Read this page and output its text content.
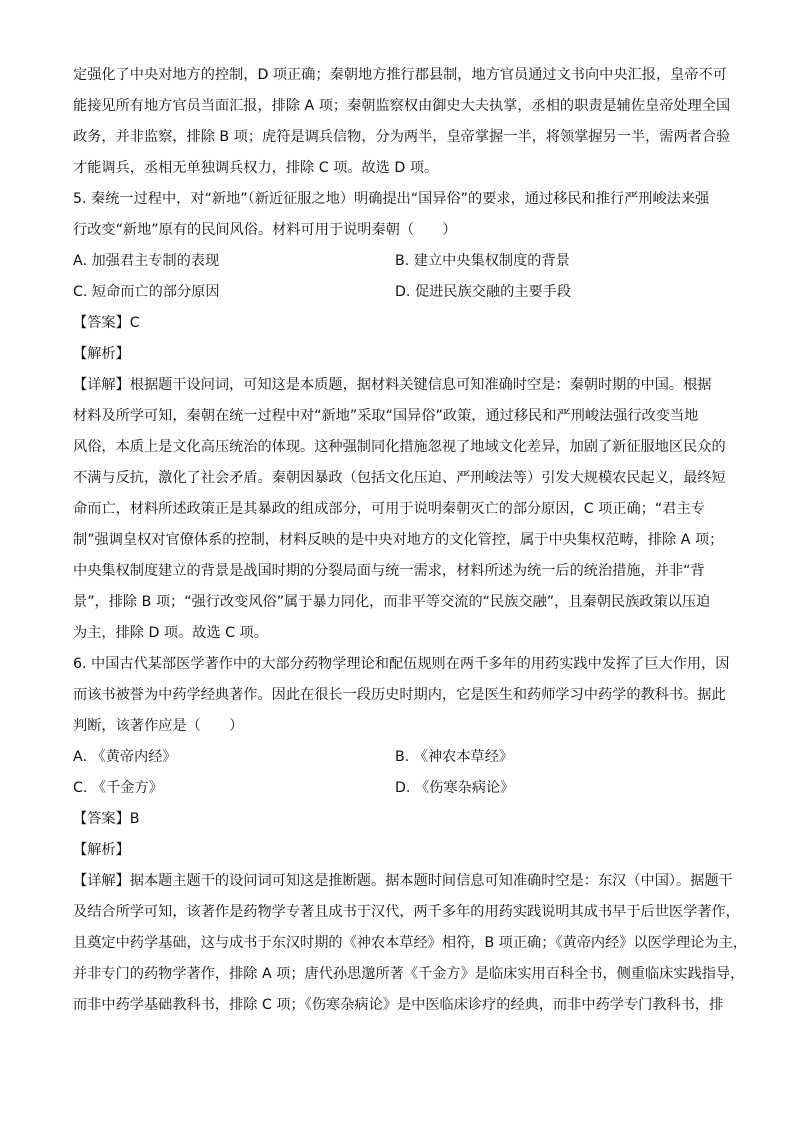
定强化了中央对地方的控制，D 项正确；秦朝地方推行郡县制，地方官员通过文书向中央汇报，皇帝不可
能接见所有地方官员当面汇报，排除 A 项；秦朝监察权由御史大夫执掌，丞相的职责是辅佐皇帝处理全国
政务，并非监察，排除 B 项；虎符是调兵信物，分为两半，皇帝掌握一半，将领掌握另一半，需两者合验
才能调兵，丞相无单独调兵权力，排除 C 项。故选 D 项。
5. 秦统一过程中，对“新地”（新近征服之地）明确提出“国异俗”的要求，通过移民和推行严刑峻法来强
行改变“新地”原有的民间风俗。材料可用于说明秦朝（　　）
A. 加强君主专制的表现	B. 建立中央集权制度的背景
C. 短命而亡的部分原因	D. 促进民族交融的主要手段
【答案】C
【解析】
【详解】根据题干设问词，可知这是本质题，据材料关键信息可知准确时空是：秦朝时期的中国。根据
材料及所学可知，秦朝在统一过程中对“新地”采取“国异俗”政策，通过移民和严刑峻法强行改变当地
风俗，本质上是文化高压统治的体现。这种强制同化措施忽视了地域文化差异，加剧了新征服地区民众的
不满与反抗，激化了社会矛盾。秦朝因暴政（包括文化压迫、严刑峻法等）引发大规模农民起义，最终短
命而亡，材料所述政策正是其暴政的组成部分，可用于说明秦朝灭亡的部分原因，C 项正确；“君主专
制”强调皇权对官僚体系的控制，材料反映的是中央对地方的文化管控，属于中央集权范畴，排除 A 项；
中央集权制度建立的背景是战国时期的分裂局面与统一需求，材料所述为统一后的统治措施，并非“背
景”，排除 B 项；“强行改变风俗”属于暴力同化，而非平等交流的“民族交融”，且秦朝民族政策以压迫
为主，排除 D 项。故选 C 项。
6. 中国古代某部医学著作中的大部分药物学理论和配伍规则在两千多年的用药实践中发挥了巨大作用，因
而该书被誉为中药学经典著作。因此在很长一段历史时期内，它是医生和药师学习中药学的教科书。据此
判断，该著作应是（　　）
A. 《黄帝内经》	B. 《神农本草经》
C. 《千金方》	D. 《伤寒杂病论》
【答案】B
【解析】
【详解】据本题主题干的设问词可知这是推断题。据本题时间信息可知准确时空是：东汉（中国）。据题干
及结合所学可知，该著作是药物学专著且成书于汉代，两千多年的用药实践说明其成书早于后世医学著作，
且奠定中药学基础，这与成书于东汉时期的《神农本草经》相符，B 项正确；《黄帝内经》以医学理论为主，
并非专门的药物学著作，排除 A 项；唐代孙思邈所著《千金方》是临床实用百科全书，侧重临床实践指导，
而非中药学基础教科书，排除 C 项；《伤寒杂病论》是中医临床诊疗的经典，而非中药学专门教科书，排
